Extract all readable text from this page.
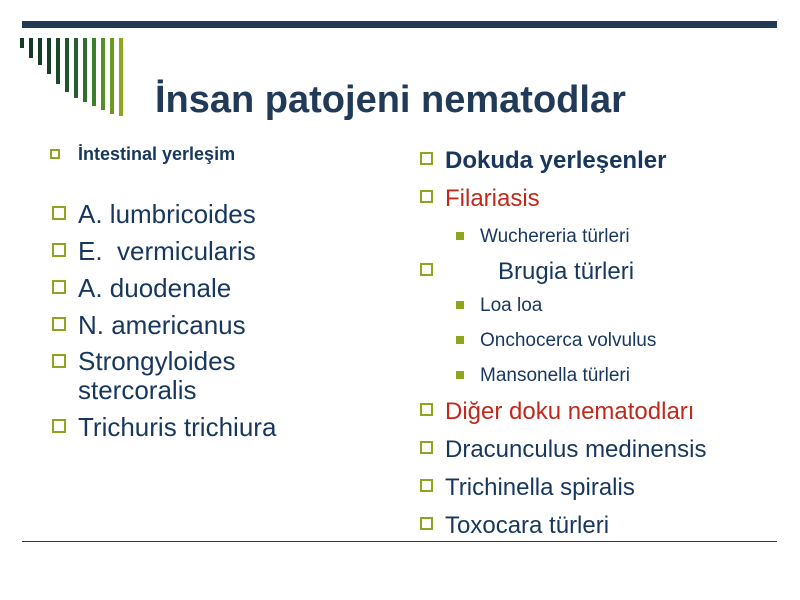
İnsan patojeni nematodlar
İntestinal yerleşim
A. lumbricoides
E.  vermicularis
A. duodenale
N. americanus
Strongyloides stercoralis
Trichuris trichiura
Dokuda yerleşenler
Filariasis
Wuchereria türleri
Brugia türleri
Loa loa
Onchocerca volvulus
Mansonella türleri
Diğer doku nematodları
Dracunculus medinensis
Trichinella spiralis
Toxocara türleri
